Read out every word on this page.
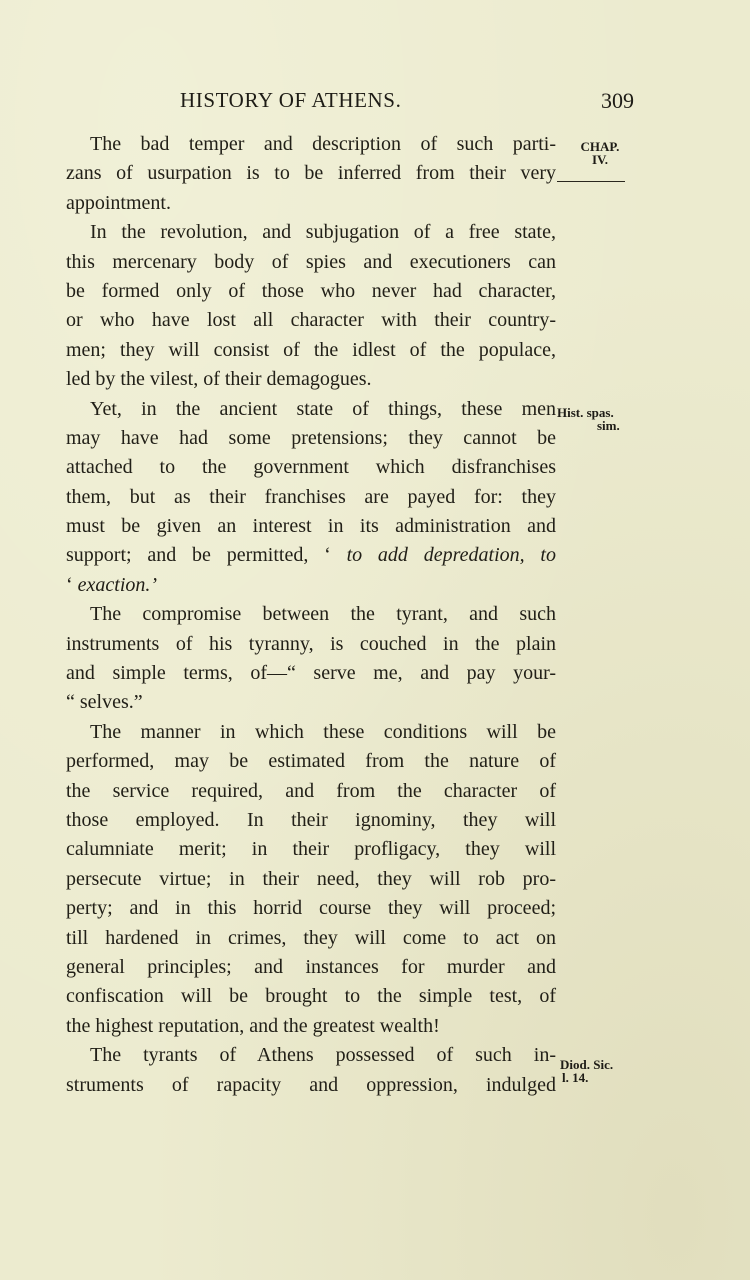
HISTORY OF ATHENS.	309
CHAP.
IV.
Hist. spas.
sim.
Diod. Sic.
l. 14.
The bad temper and description of such parti-
zans of usurpation is to be inferred from their very
appointment.
In the revolution, and subjugation of a free state,
this mercenary body of spies and executioners can
be formed only of those who never had character,
or who have lost all character with their country-
men; they will consist of the idlest of the populace,
led by the vilest, of their demagogues.
Yet, in the ancient state of things, these men
may have had some pretensions; they cannot be
attached to the government which disfranchises
them, but as their franchises are payed for: they
must be given an interest in its administration and
support; and be permitted, ‘ to add depredation, to
‘ exaction.’
The compromise between the tyrant, and such
instruments of his tyranny, is couched in the plain
and simple terms, of—“ serve me, and pay your-
“ selves.”
The manner in which these conditions will be
performed, may be estimated from the nature of
the service required, and from the character of
those employed. In their ignominy, they will
calumniate merit; in their profligacy, they will
persecute virtue; in their need, they will rob pro-
perty; and in this horrid course they will proceed;
till hardened in crimes, they will come to act on
general principles; and instances for murder and
confiscation will be brought to the simple test, of
the highest reputation, and the greatest wealth!
The tyrants of Athens possessed of such in-
struments of rapacity and oppression, indulged
